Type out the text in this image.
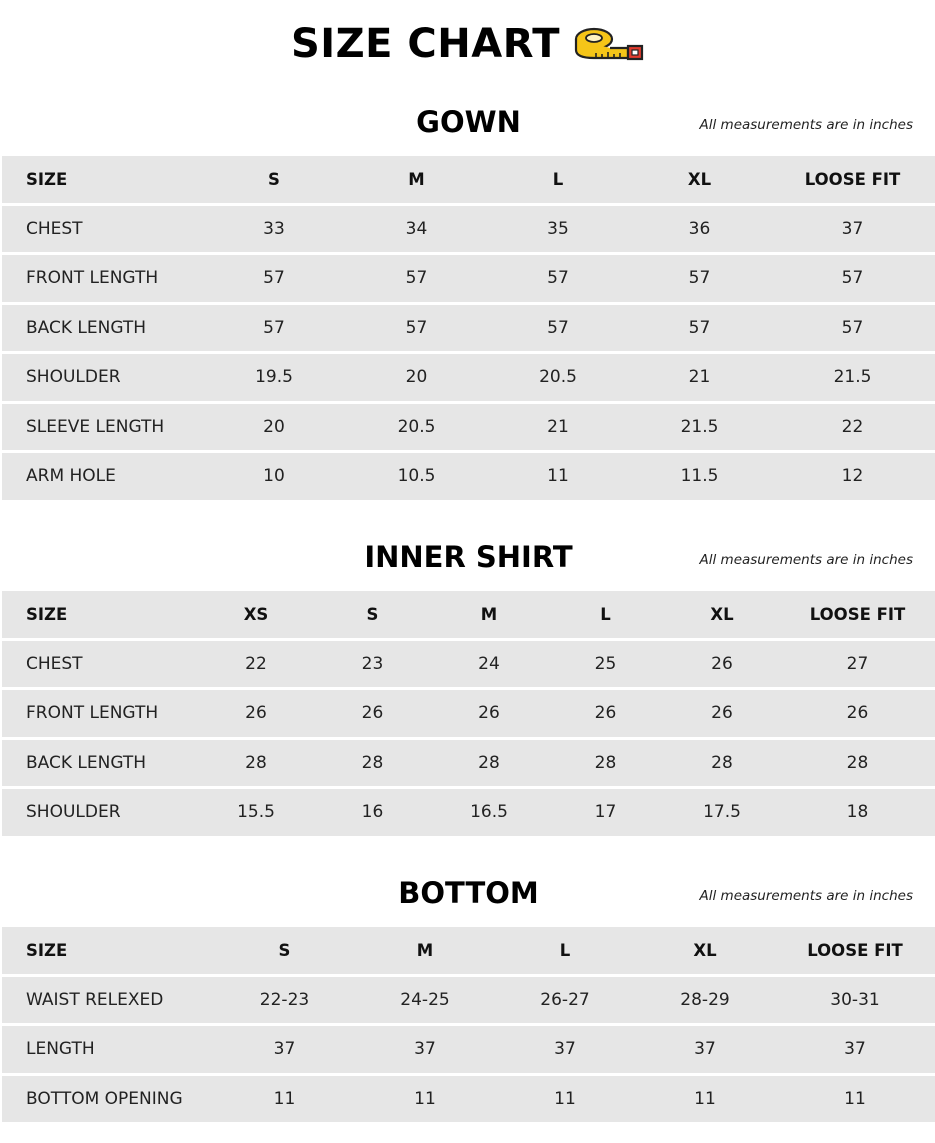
SIZE CHART
GOWN	All measurements are in inches
SIZE	S	M	L	XL	LOOSE FIT
CHEST	33	34	35	36	37
FRONT LENGTH	57	57	57	57	57
BACK LENGTH	57	57	57	57	57
SHOULDER	19.5	20	20.5	21	21.5
SLEEVE LENGTH	20	20.5	21	21.5	22
ARM HOLE	10	10.5	11	11.5	12
INNER SHIRT	All measurements are in inches
SIZE	XS	S	M	L	XL	LOOSE FIT
CHEST	22	23	24	25	26	27
FRONT LENGTH	26	26	26	26	26	26
BACK LENGTH	28	28	28	28	28	28
SHOULDER	15.5	16	16.5	17	17.5	18
BOTTOM	All measurements are in inches
SIZE	S	M	L	XL	LOOSE FIT
WAIST RELEXED	22-23	24-25	26-27	28-29	30-31
LENGTH	37	37	37	37	37
BOTTOM OPENING	11	11	11	11	11
